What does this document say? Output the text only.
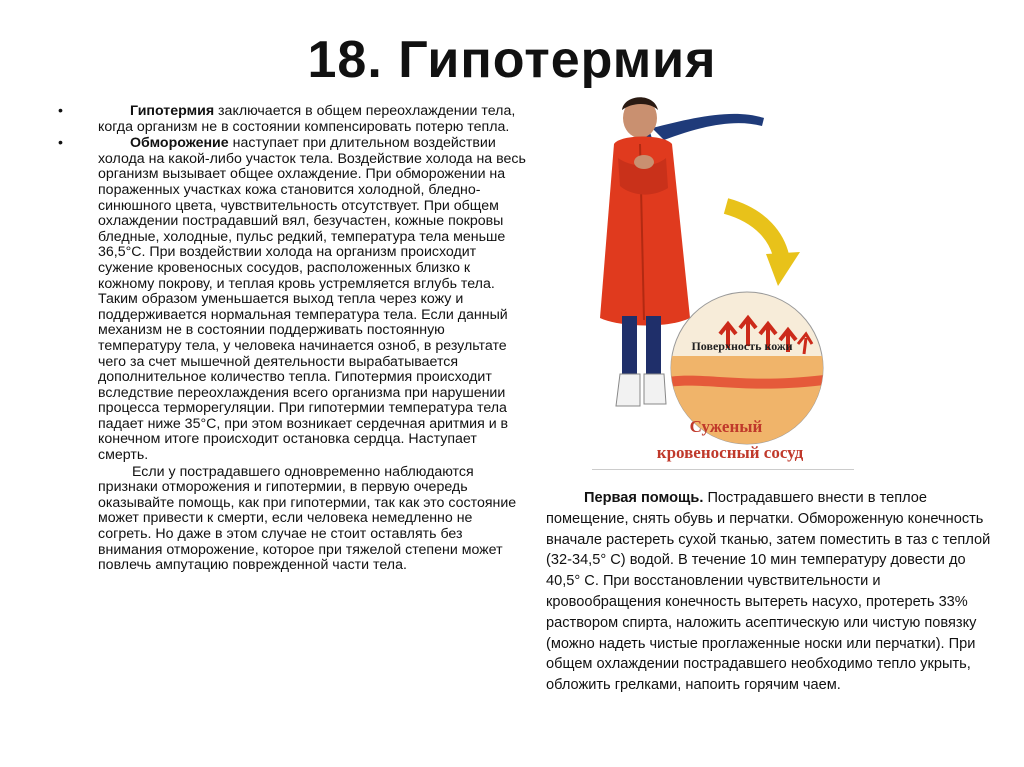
18. Гипотермия
•	Гипотермия заключается в общем переохлаждении тела, когда организм не в состоянии компенсировать потерю тепла.
•	Обморожение наступает при длительном воздействии холода на какой-либо участок тела. Воздействие холода на весь организм вызывает общее охлаждение. При обморожении на пораженных участках кожа становится холодной, бледно-синюшного цвета, чувствительность отсутствует. При общем охлаждении пострадавший вял, безучастен, кожные покровы бледные, холодные, пульс редкий, температура тела меньше 36,5°С. При воздействии холода на организм происходит сужение кровеносных сосудов, расположенных близко к кожному покрову, и теплая кровь устремляется вглубь тела. Таким образом уменьшается выход тепла через кожу и поддерживается нормальная температура тела. Если данный механизм не в состоянии поддерживать постоянную температуру тела, у человека начинается озноб, в результате чего за счет мышечной деятельности вырабатывается дополнительное количество тепла. Гипотермия происходит вследствие переохлаждения всего организма при нарушении процесса терморегуляции. При гипотермии температура тела падает ниже 35°С, при этом возникает сердечная аритмия и в конечном итоге происходит остановка сердца. Наступает смерть.

Если у пострадавшего одновременно наблюдаются признаки отморожения и гипотермии, в первую очередь оказывайте помощь, как при гипотермии, так как это состояние может привести к смерти, если человека немедленно не согреть. Но даже в этом случае не стоит оставлять без внимания отморожение, которое при тяжелой степени может повлечь ампутацию поврежденной части тела.

Поверхность кожи
Суженый
кровеносный сосуд

Первая помощь. Пострадавшего внести в теплое помещение, снять обувь и перчатки. Обмороженную конечность вначале растереть сухой тканью, затем поместить в таз с теплой (32-34,5° С) водой. В течение 10 мин температуру довести до 40,5° С. При восстановлении чувствительности и кровообращения конечность вытереть насухо, протереть 33% раствором спирта, наложить асептическую или чистую повязку (можно надеть чистые проглаженные носки или перчатки). При общем охлаждении пострадавшего необходимо тепло укрыть, обложить грелками, напоить горячим чаем.
